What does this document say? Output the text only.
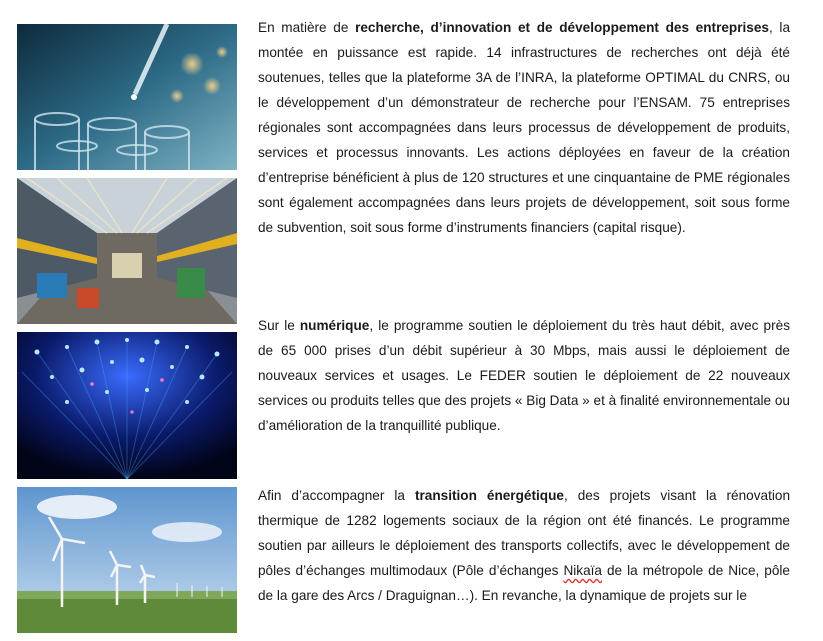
En matière de recherche, d’innovation et de développement des entreprises, la montée en puissance est rapide. 14 infrastructures de recherches ont déjà été soutenues, telles que la plateforme 3A de l’INRA, la plateforme OPTIMAL du CNRS, ou le développement d’un démonstrateur de recherche pour l’ENSAM. 75 entreprises régionales sont accompagnées dans leurs processus de développement de produits, services et processus innovants. Les actions déployées en faveur de la création d’entreprise bénéficient à plus de 120 structures et une cinquantaine de PME régionales sont également accompagnées dans leurs projets de développement, soit sous forme de subvention, soit sous forme d’instruments financiers (capital risque).

Sur le numérique, le programme soutien le déploiement du très haut débit, avec près de 65 000 prises d’un débit supérieur à 30 Mbps, mais aussi le déploiement de nouveaux services et usages. Le FEDER soutien le déploiement de 22 nouveaux services ou produits telles que des projets « Big Data » et à finalité environnementale ou d’amélioration de la tranquillité publique.

Afin d’accompagner la transition énergétique, des projets visant la rénovation thermique de 1282 logements sociaux de la région ont été financés. Le programme soutien par ailleurs le déploiement des transports collectifs, avec le développement de pôles d’échanges multimodaux (Pôle d’échanges Nikaïa de la métropole de Nice, pôle de la gare des Arcs / Draguignan…). En revanche, la dynamique de projets sur le
